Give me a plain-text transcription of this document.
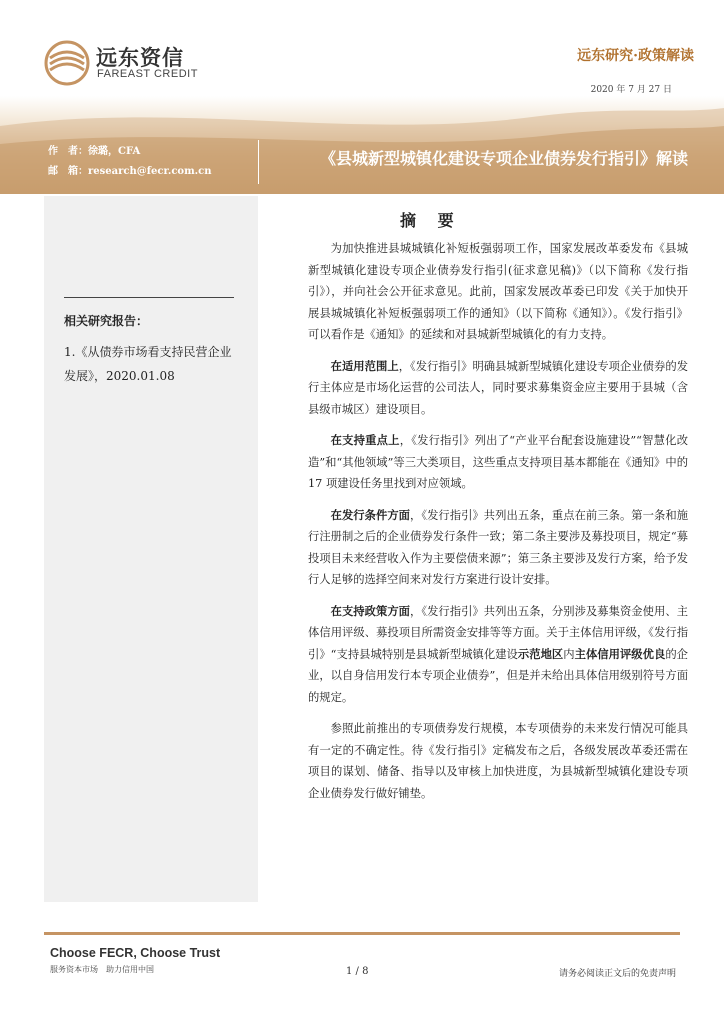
远东资信
FAREAST CREDIT
远东研究·政策解读
2020 年 7 月 27 日
作　者：徐璐，CFA
邮　箱：research@fecr.com.cn
《县城新型城镇化建设专项企业债券发行指引》解读
相关研究报告：
1.《从债券市场看支持民营企业发展》，2020.01.08
摘 要

为加快推进县城城镇化补短板强弱项工作，国家发展改革委发布《县城新型城镇化建设专项企业债券发行指引(征求意见稿)》（以下简称《发行指引》），并向社会公开征求意见。此前，国家发展改革委已印发《关于加快开展县城城镇化补短板强弱项工作的通知》（以下简称《通知》）。《发行指引》可以看作是《通知》的延续和对县城新型城镇化的有力支持。

在适用范围上，《发行指引》明确县城新型城镇化建设专项企业债券的发行主体应是市场化运营的公司法人，同时要求募集资金应主要用于县城（含县级市城区）建设项目。

在支持重点上，《发行指引》列出了“产业平台配套设施建设”“智慧化改造”和“其他领域”等三大类项目，这些重点支持项目基本都能在《通知》中的 17 项建设任务里找到对应领域。

在发行条件方面，《发行指引》共列出五条，重点在前三条。第一条和施行注册制之后的企业债券发行条件一致；第二条主要涉及募投项目，规定“募投项目未来经营收入作为主要偿债来源”；第三条主要涉及发行方案，给予发行人足够的选择空间来对发行方案进行设计安排。

在支持政策方面，《发行指引》共列出五条，分别涉及募集资金使用、主体信用评级、募投项目所需资金安排等等方面。关于主体信用评级，《发行指引》“支持县城特别是县城新型城镇化建设示范地区内主体信用评级优良的企业，以自身信用发行本专项企业债券”，但是并未给出具体信用级别符号方面的规定。

参照此前推出的专项债券发行规模，本专项债券的未来发行情况可能具有一定的不确定性。待《发行指引》定稿发布之后，各级发展改革委还需在项目的谋划、储备、指导以及审核上加快进度，为县城新型城镇化建设专项企业债券发行做好铺垫。

Choose FECR, Choose Trust
服务资本市场　助力信用中国	1 / 8	请务必阅读正文后的免责声明
